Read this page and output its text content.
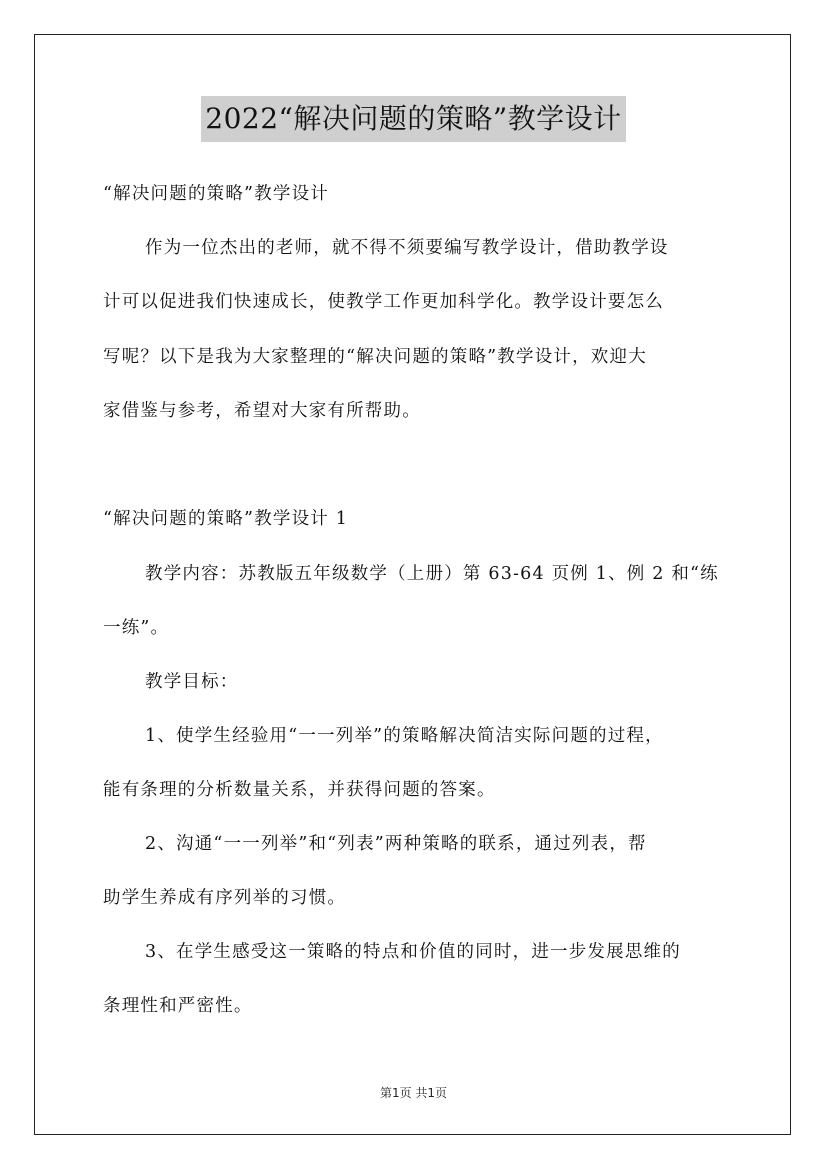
2022“解决问题的策略”教学设计
“解决问题的策略”教学设计
作为一位杰出的老师，就不得不须要编写教学设计，借助教学设
计可以促进我们快速成长，使教学工作更加科学化。教学设计要怎么
写呢？以下是我为大家整理的“解决问题的策略”教学设计，欢迎大
家借鉴与参考，希望对大家有所帮助。
“解决问题的策略”教学设计 1
教学内容：苏教版五年级数学（上册）第 63-64 页例 1、例 2 和“练
一练”。
教学目标：
1、使学生经验用“一一列举”的策略解决简洁实际问题的过程，
能有条理的分析数量关系，并获得问题的答案。
2、沟通“一一列举”和“列表”两种策略的联系，通过列表，帮
助学生养成有序列举的习惯。
3、在学生感受这一策略的特点和价值的同时，进一步发展思维的
条理性和严密性。
第1页 共1页
